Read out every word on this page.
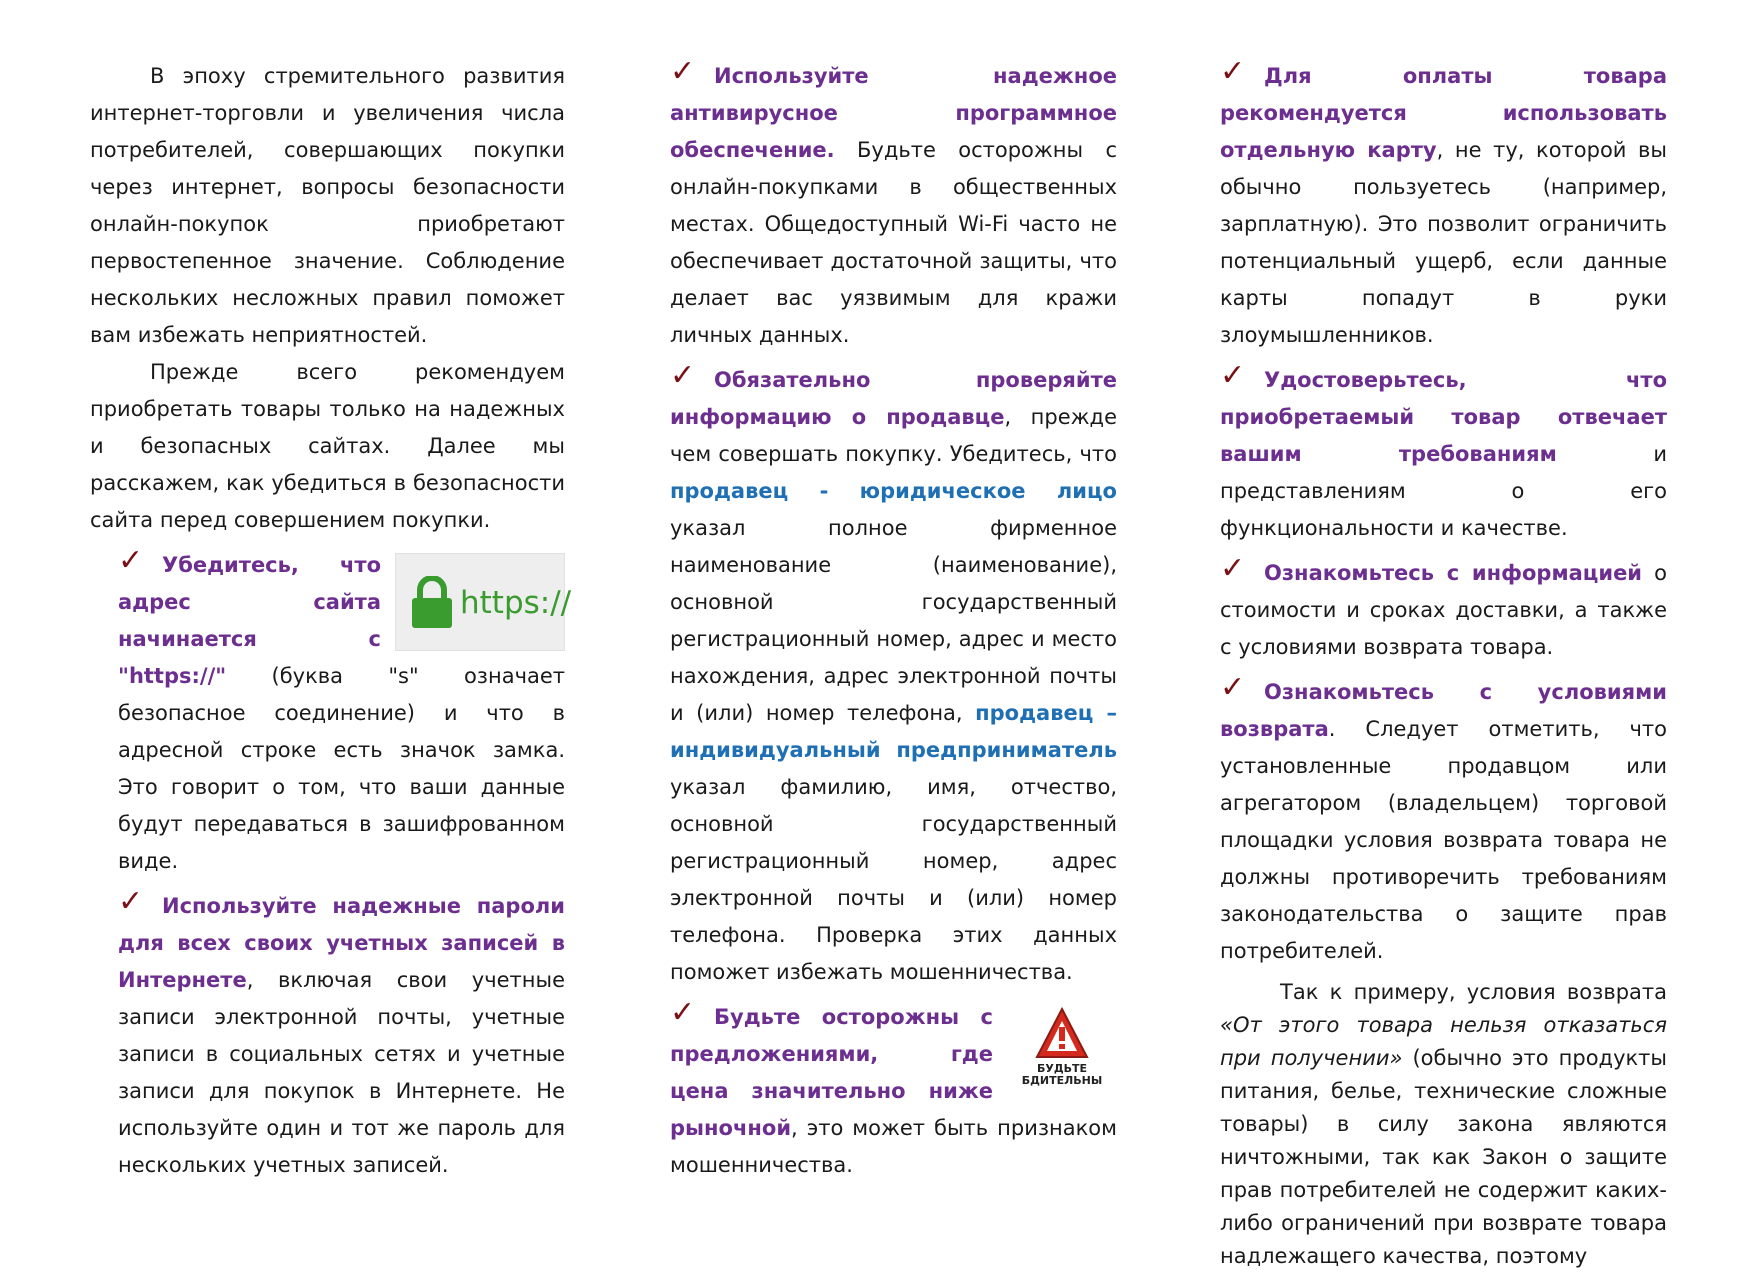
В эпоху стремительного развития интернет-торговли и увеличения числа потребителей, совершающих покупки через интернет, вопросы безопасности онлайн-покупок приобретают первостепенное значение. Соблюдение нескольких несложных правил поможет вам избежать неприятностей.

Прежде всего рекомендуем приобретать товары только на надежных и безопасных сайтах. Далее мы расскажем, как убедиться в безопасности сайта перед совершением покупки.

https://

✓ Убедитесь, что адрес сайта начинается с "https://" (буква "s" означает безопасное соединение) и что в адресной строке есть значок замка. Это говорит о том, что ваши данные будут передаваться в зашифрованном виде.

✓ Используйте надежные пароли для всех своих учетных записей в Интернете, включая свои учетные записи электронной почты, учетные записи в социальных сетях и учетные записи для покупок в Интернете. Не используйте один и тот же пароль для нескольких учетных записей.

✓ Используйте надежное антивирусное программное обеспечение. Будьте осторожны с онлайн-покупками в общественных местах. Общедоступный Wi-Fi часто не обеспечивает достаточной защиты, что делает вас уязвимым для кражи личных данных.

✓ Обязательно проверяйте информацию о продавце, прежде чем совершать покупку. Убедитесь, что продавец - юридическое лицо указал полное фирменное наименование (наименование), основной государственный регистрационный номер, адрес и место нахождения, адрес электронной почты и (или) номер телефона, продавец – индивидуальный предприниматель указал фамилию, имя, отчество, основной государственный регистрационный номер, адрес электронной почты и (или) номер телефона. Проверка этих данных поможет избежать мошенничества.

БУДЬТЕ БДИТЕЛЬНЫ

✓ Будьте осторожны с предложениями, где цена значительно ниже рыночной, это может быть признаком мошенничества.

✓ Для оплаты товара рекомендуется использовать отдельную карту, не ту, которой вы обычно пользуетесь (например, зарплатную). Это позволит ограничить потенциальный ущерб, если данные карты попадут в руки злоумышленников.

✓ Удостоверьтесь, что приобретаемый товар отвечает вашим требованиям и представлениям о его функциональности и качестве.

✓ Ознакомьтесь с информацией о стоимости и сроках доставки, а также с условиями возврата товара.

✓ Ознакомьтесь с условиями возврата. Следует отметить, что установленные продавцом или агрегатором (владельцем) торговой площадки условия возврата товара не должны противоречить требованиям законодательства о защите прав потребителей.

Так к примеру, условия возврата «От этого товара нельзя отказаться при получении» (обычно это продукты питания, белье, технические сложные товары) в силу закона являются ничтожными, так как Закон о защите прав потребителей не содержит каких-либо ограничений при возврате товара надлежащего качества, поэтому
